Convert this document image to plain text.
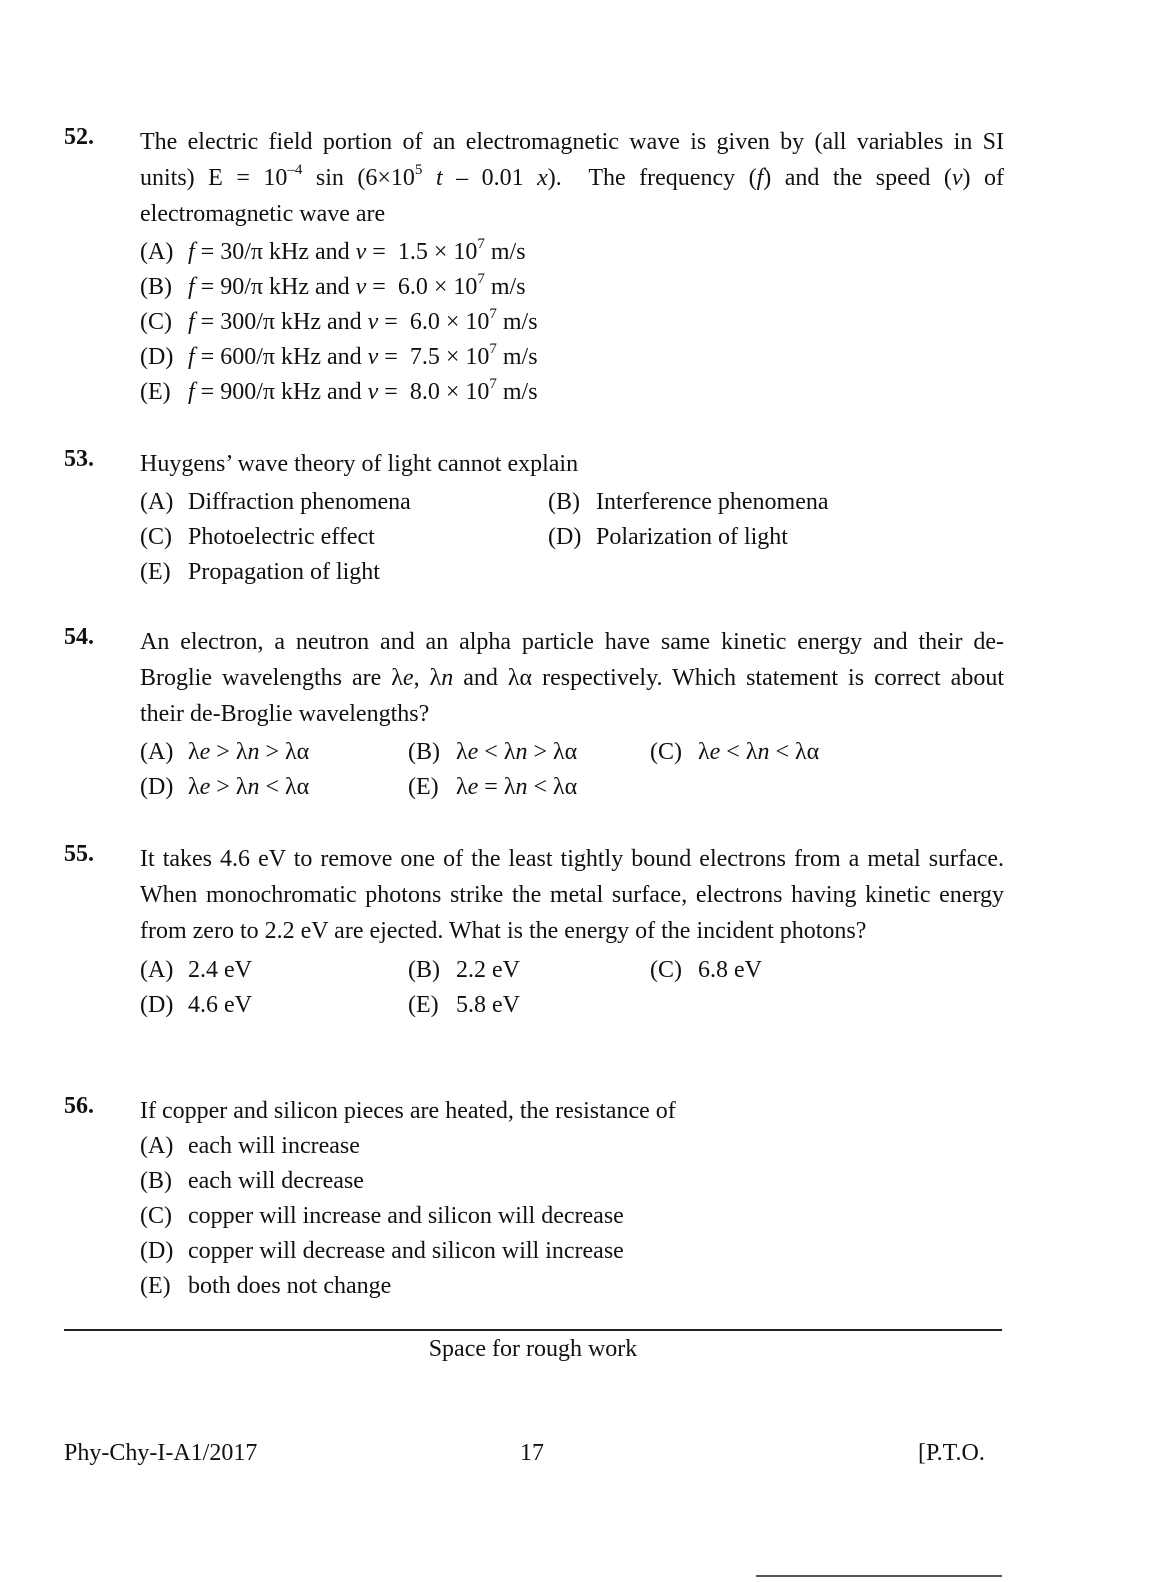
52. The electric field portion of an electromagnetic wave is given by (all variables in SI units) $E = 10^{-4}$ $\sin (6\times 10^5$ t – 0.01 x).  The frequency (f) and the speed (v) of electromagnetic wave are
(A) f = 30/π kHz and $v = 1.5 \times 10^7$ m/s
(B) f = 90/π kHz and $v = 6.0 \times 10^7$ m/s
(C) f = 300/π kHz and $v = 6.0 \times 10^7$ m/s
(D) f = 600/π kHz and $v = 7.5 \times 10^7$ m/s
(E) f = 900/π kHz and $v = 8.0 \times 10^7$ m/s
53. Huygens’ wave theory of light cannot explain
(A) Diffraction phenomena	(B) Interference phenomena
(C) Photoelectric effect	(D) Polarization of light
(E) Propagation of light
54. An electron, a neutron and an alpha particle have same kinetic energy and their de-Broglie wavelengths are λe, λn and λα respectively. Which statement is correct about their de-Broglie wavelengths?
(A) λe > λn > λα	(B) λe < λn > λα	(C) λe < λn < λα
(D) λe > λn < λα	(E) λe = λn < λα
55. It takes 4.6 eV to remove one of the least tightly bound electrons from a metal surface. When monochromatic photons strike the metal surface, electrons having kinetic energy from zero to 2.2 eV are ejected. What is the energy of the incident photons?
(A) 2.4 eV	(B) 2.2 eV	(C) 6.8 eV
(D) 4.6 eV	(E) 5.8 eV
56. If copper and silicon pieces are heated, the resistance of
(A) each will increase
(B) each will decrease
(C) copper will increase and silicon will decrease
(D) copper will decrease and silicon will increase
(E) both does not change
Space for rough work
Phy-Chy-I-A1/2017	17	[P.T.O.
